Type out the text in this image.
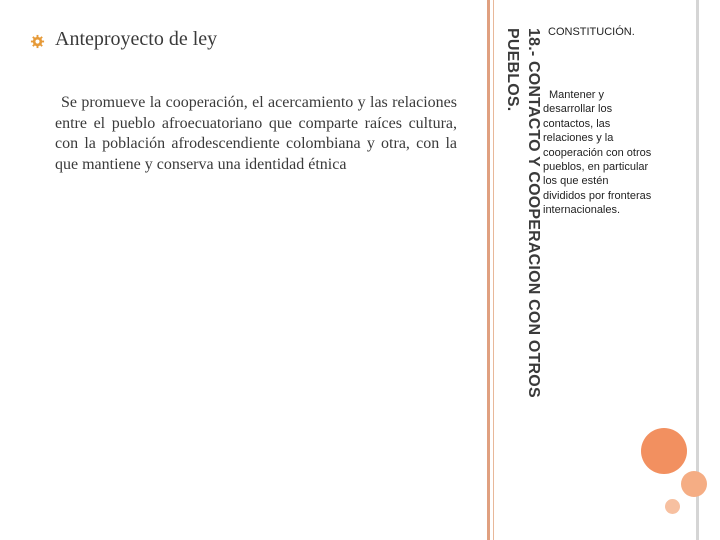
Anteproyecto de ley
Se promueve la cooperación, el acercamiento y las relaciones entre el pueblo afroecuatoriano que comparte raíces cultura, con la población afrodescendiente colombiana y otra, con la que mantiene y conserva una identidad étnica	18.- CONTACTO Y COOPERACION CON OTROS PUEBLOS.	CONSTITUCIÓN.
Mantener y desarrollar los contactos, las relaciones y la cooperación con otros pueblos, en particular los que estén divididos por fronteras internacionales.
